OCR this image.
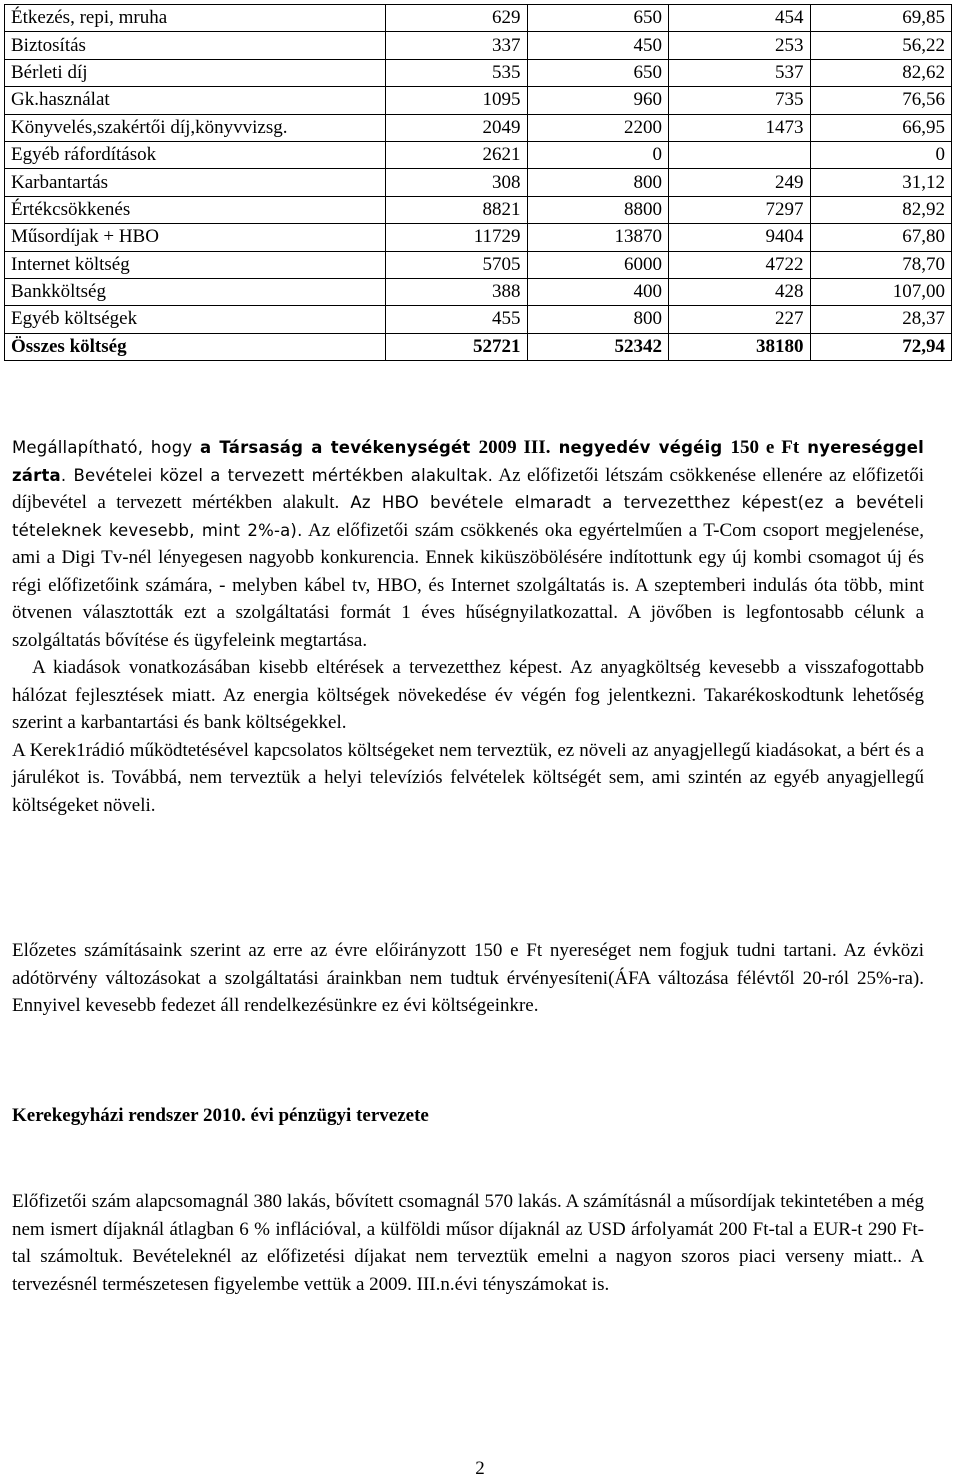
Étkezés, repi, mruha	629	650	454	69,85
Biztosítás	337	450	253	56,22
Bérleti díj	535	650	537	82,62
Gk.használat	1095	960	735	76,56
Könyvelés,szakértői díj,könyvvizsg.	2049	2200	1473	66,95
Egyéb ráfordítások	2621	0		0
Karbantartás	308	800	249	31,12
Értékcsökkenés	8821	8800	7297	82,92
Műsordíjak + HBO	11729	13870	9404	67,80
Internet költség	5705	6000	4722	78,70
Bankköltség	388	400	428	107,00
Egyéb költségek	455	800	227	28,37
Összes költség	52721	52342	38180	72,94

Megállapítható, hogy a Társaság a tevékenységét 2009 III. negyedév végéig 150 e Ft nyereséggel zárta. Bevételei közel a tervezett mértékben alakultak. Az előfizetői létszám csökkenése ellenére az előfizetői díjbevétel a tervezett mértékben alakult. Az HBO bevétele elmaradt a tervezetthez képest(ez a bevételi tételeknek kevesebb, mint 2%-a). Az előfizetői szám csökkenés oka egyértelműen a T-Com csoport megjelenése, ami a Digi Tv-nél lényegesen nagyobb konkurencia. Ennek kiküszöbölésére indítottunk egy új kombi csomagot új és régi előfizetőink számára, - melyben kábel tv, HBO, és Internet szolgáltatás is. A szeptemberi indulás óta több, mint ötvenen választották ezt a szolgáltatási formát 1 éves hűségnyilatkozattal. A jövőben is legfontosabb célunk a szolgáltatás bővítése és ügyfeleink megtartása.

A kiadások vonatkozásában kisebb eltérések a tervezetthez képest. Az anyagköltség kevesebb a visszafogottabb hálózat fejlesztések miatt. Az energia költségek növekedése év végén fog jelentkezni. Takarékoskodtunk lehetőség szerint a karbantartási és bank költségekkel.

A Kerek1rádió működtetésével kapcsolatos költségeket nem terveztük, ez növeli az anyagjellegű kiadásokat, a bért és a járulékot is. Továbbá, nem terveztük a helyi televíziós felvételek költségét sem, ami szintén az egyéb anyagjellegű költségeket növeli.

Előzetes számításaink szerint az erre az évre előirányzott 150 e Ft nyereséget nem fogjuk tudni tartani. Az évközi adótörvény változásokat a szolgáltatási árainkban nem tudtuk érvényesíteni(ÁFA változása félévtől 20-ról 25%-ra). Ennyivel kevesebb fedezet áll rendelkezésünkre ez évi költségeinkre.
Kerekegyházi rendszer 2010. évi pénzügyi tervezete
Előfizetői szám alapcsomagnál 380 lakás, bővített csomagnál 570 lakás. A számításnál a műsordíjak tekintetében a még nem ismert díjaknál átlagban 6 % inflációval, a külföldi műsor díjaknál az USD árfolyamát 200 Ft-tal a EUR-t 290 Ft-tal számoltuk. Bevételeknél az előfizetési díjakat nem terveztük emelni a nagyon szoros piaci verseny miatt.. A tervezésnél természetesen figyelembe vettük a 2009. III.n.évi tényszámokat is.
2
